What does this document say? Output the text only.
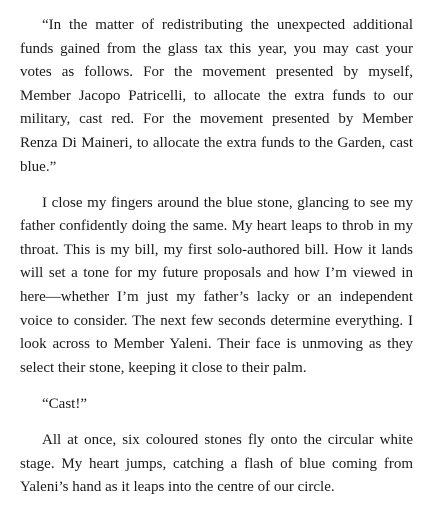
“In the matter of redistributing the unexpected additional funds gained from the glass tax this year, you may cast your votes as follows. For the movement presented by myself, Member Jacopo Patricelli, to allocate the extra funds to our military, cast red. For the movement presented by Member Renza Di Maineri, to allocate the extra funds to the Garden, cast blue.”

I close my fingers around the blue stone, glancing to see my father confidently doing the same. My heart leaps to throb in my throat. This is my bill, my first solo-authored bill. How it lands will set a tone for my future proposals and how I’m viewed in here—whether I’m just my father’s lacky or an independent voice to consider. The next few seconds determine everything. I look across to Member Yaleni. Their face is unmoving as they select their stone, keeping it close to their palm.

“Cast!”

All at once, six coloured stones fly onto the circular white stage. My heart jumps, catching a flash of blue coming from Yaleni’s hand as it leaps into the centre of our circle.
